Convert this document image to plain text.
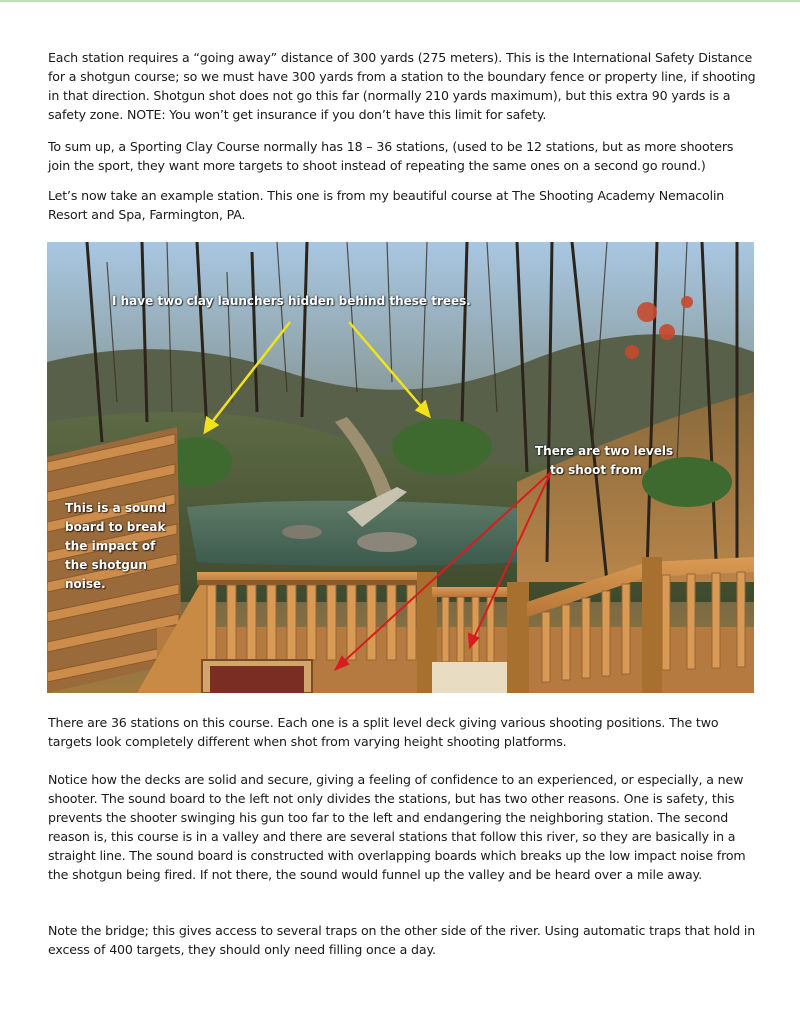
Each station requires a “going away” distance of 300 yards (275 meters). This is the International Safety Distance for a shotgun course; so we must have 300 yards from a station to the boundary fence or property line, if shooting in that direction. Shotgun shot does not go this far (normally 210 yards maximum), but this extra 90 yards is a safety zone. NOTE: You won’t get insurance if you don’t have this limit for safety.

To sum up, a Sporting Clay Course normally has 18 – 36 stations, (used to be 12 stations, but as more shooters join the sport, they want more targets to shoot instead of repeating the same ones on a second go round.)

Let’s now take an example station. This one is from my beautiful course at The Shooting Academy Nemacolin Resort and Spa, Farmington, PA.

I have two clay launchers hidden behind these trees.

There are two levels

to shoot from

This is a sound
board to break
the impact of
the shotgun
noise.

There are 36 stations on this course. Each one is a split level deck giving various shooting positions. The two targets look completely different when shot from varying height shooting platforms.

Notice how the decks are solid and secure, giving a feeling of confidence to an experienced, or especially, a new shooter. The sound board to the left not only divides the stations, but has two other reasons. One is safety, this prevents the shooter swinging his gun too far to the left and endangering the neighboring station. The second reason is, this course is in a valley and there are several stations that follow this river, so they are basically in a straight line. The sound board is constructed with overlapping boards which breaks up the low impact noise from the shotgun being fired. If not there, the sound would funnel up the valley and be heard over a mile away.

Note the bridge; this gives access to several traps on the other side of the river. Using automatic traps that hold in excess of 400 targets, they should only need filling once a day.
